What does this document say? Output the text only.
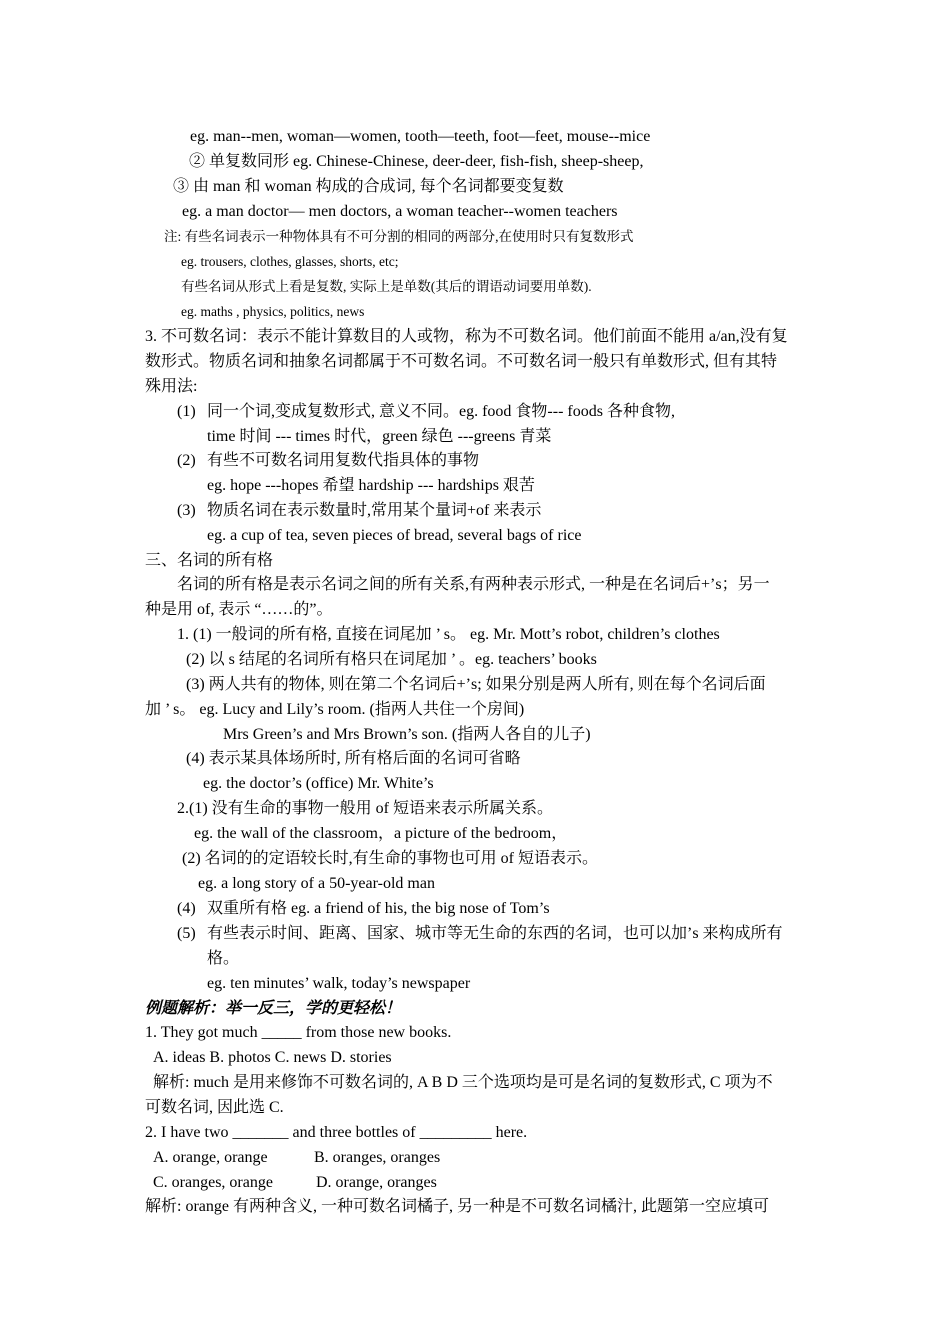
eg. man--men, woman—women, tooth—teeth, foot—feet, mouse--mice
② 单复数同形 eg. Chinese-Chinese, deer-deer, fish-fish, sheep-sheep,
③ 由 man 和 woman 构成的合成词, 每个名词都要变复数
eg. a man doctor— men doctors, a woman teacher--women teachers
注: 有些名词表示一种物体具有不可分割的相同的两部分,在使用时只有复数形式
eg. trousers, clothes, glasses, shorts, etc;
有些名词从形式上看是复数, 实际上是单数(其后的谓语动词要用单数).
eg. maths , physics, politics, news
3. 不可数名词：表示不能计算数目的人或物，称为不可数名词。他们前面不能用 a/an,没有复
数形式。物质名词和抽象名词都属于不可数名词。不可数名词一般只有单数形式, 但有其特
殊用法:
(1) 同一个词,变成复数形式, 意义不同。eg. food 食物--- foods 各种食物,
time 时间 --- times 时代，green 绿色 ---greens 青菜
(2) 有些不可数名词用复数代指具体的事物
eg. hope ---hopes 希望 hardship --- hardships 艰苦
(3) 物质名词在表示数量时,常用某个量词+of 来表示
eg. a cup of tea, seven pieces of bread, several bags of rice
三、名词的所有格
名词的所有格是表示名词之间的所有关系,有两种表示形式, 一种是在名词后+’s；另一
种是用 of, 表示 “……的”。
1. (1) 一般词的所有格, 直接在词尾加 ’ s。 eg. Mr. Mott’s robot, children’s clothes
(2) 以 s 结尾的名词所有格只在词尾加 ’ 。eg. teachers’ books
(3) 两人共有的物体, 则在第二个名词后+’s; 如果分别是两人所有, 则在每个名词后面
加 ’ s。 eg. Lucy and Lily’s room. (指两人共住一个房间)
Mrs Green’s and Mrs Brown’s son. (指两人各自的儿子)
(4) 表示某具体场所时, 所有格后面的名词可省略
eg. the doctor’s (office) Mr. White’s
2.(1) 没有生命的事物一般用 of 短语来表示所属关系。
eg. the wall of the classroom，a picture of the bedroom，
(2) 名词的的定语较长时,有生命的事物也可用 of 短语表示。
eg. a long story of a 50-year-old man
(4) 双重所有格 eg. a friend of his, the big nose of Tom’s
(5) 有些表示时间、距离、国家、城市等无生命的东西的名词，也可以加’s 来构成所有
格。
eg. ten minutes’ walk, today’s newspaper
例题解析：举一反三，学的更轻松！
1. They got much _____ from those new books.
A. ideas B. photos C. news D. stories
解析: much 是用来修饰不可数名词的, A B D 三个选项均是可是名词的复数形式, C 项为不
可数名词, 因此选 C.
2. I have two _______ and three bottles of _________ here.
A. orange, orange	B. oranges, oranges
C. oranges, orange	D. orange, oranges
解析: orange 有两种含义, 一种可数名词橘子, 另一种是不可数名词橘汁, 此题第一空应填可
